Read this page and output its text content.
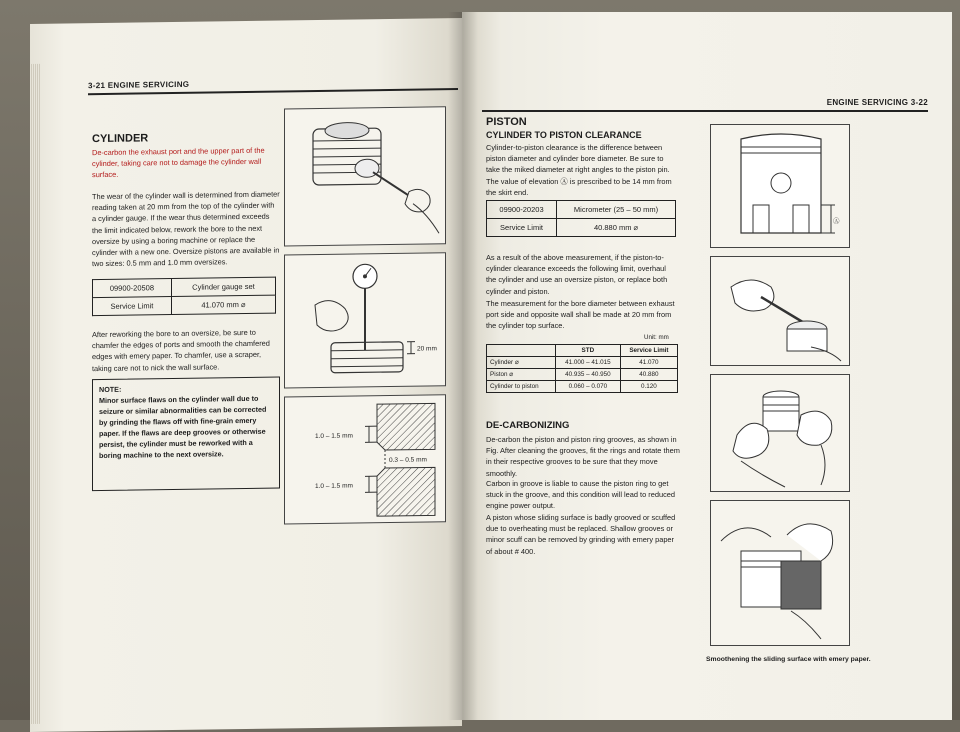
3-21 ENGINE SERVICING
CYLINDER

De-carbon the exhaust port and the upper part of the cylinder, taking care not to damage the cylinder wall surface.

The wear of the cylinder wall is determined from diameter reading taken at 20 mm from the top of the cylinder with a cylinder gauge. If the wear thus determined exceeds the limit indicated below, rework the bore to the next oversize by using a boring machine or replace the cylinder with a new one. Oversize pistons are available in two sizes: 0.5 mm and 1.0 mm oversizes.

09900-20508	Cylinder gauge set
Service Limit	41.070 mm ⌀

After reworking the bore to an oversize, be sure to chamfer the edges of ports and smooth the chamfered edges with emery paper. To chamfer, use a scraper, taking care not to nick the wall surface.

NOTE:
Minor surface flaws on the cylinder wall due to seizure or similar abnormalities can be corrected by grinding the flaws off with fine-grain emery paper. If the flaws are deep grooves or otherwise persist, the cylinder must be reworked with a boring machine to the next oversize.
20 mm
1.0 – 1.5 mm
0.3 – 0.5 mm
1.0 – 1.5 mm
ENGINE SERVICING 3-22
PISTON
CYLINDER TO PISTON CLEARANCE

Cylinder-to-piston clearance is the difference between piston diameter and cylinder bore diameter. Be sure to take the miked diameter at right angles to the piston pin. The value of elevation Ⓐ is prescribed to be 14 mm from the skirt end.

09900-20203	Micrometer (25 – 50 mm)
Service Limit	40.880 mm ⌀

As a result of the above measurement, if the piston-to-cylinder clearance exceeds the following limit, overhaul the cylinder and use an oversize piston, or replace both cylinder and piston.

The measurement for the bore diameter between exhaust port side and opposite wall shall be made at 20 mm from the cylinder top surface.

Unit: mm
	STD	Service Limit
Cylinder ⌀	41.000 – 41.015	41.070
Piston ⌀	40.935 – 40.950	40.880
Cylinder to piston	0.060 – 0.070	0.120
DE-CARBONIZING

De-carbon the piston and piston ring grooves, as shown in Fig. After cleaning the grooves, fit the rings and rotate them in their respective grooves to be sure that they move smoothly.

Carbon in groove is liable to cause the piston ring to get stuck in the groove, and this condition will lead to reduced engine power output.

A piston whose sliding surface is badly grooved or scuffed due to overheating must be replaced. Shallow grooves or minor scuff can be removed by grinding with emery paper of about # 400.

Ⓐ
Smoothening the sliding surface with emery paper.
